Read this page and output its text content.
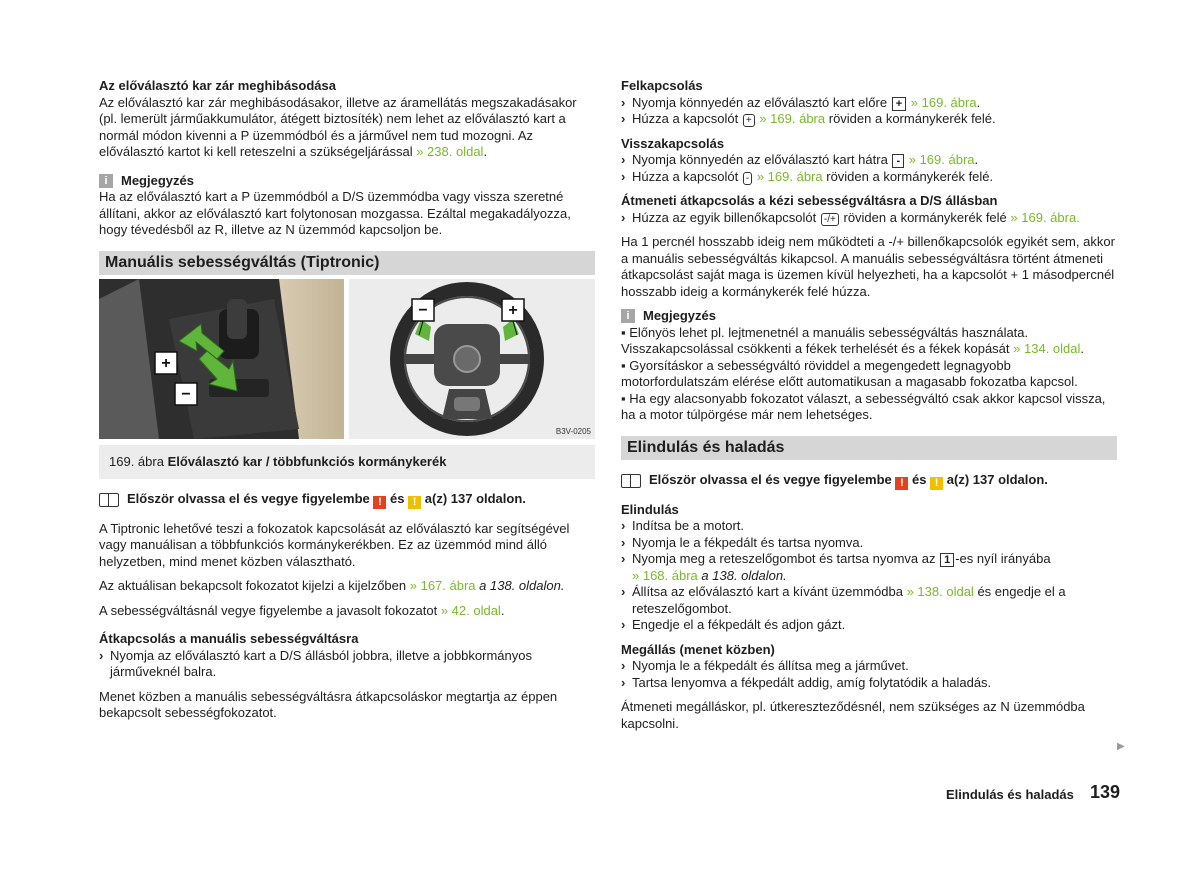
Az előválasztó kar zár meghibásodása

Az előválasztó kar zár meghibásodásakor, illetve az áramellátás megszakadásakor (pl. lemerült járműakkumulátor, átégett biztosíték) nem lehet az előválasztó kart a normál módon kivenni a P üzemmódból és a járművel nem tud mozogni. Az előválasztó kartot ki kell reteszelni a szükségeljárással » 238. oldal.

i	Megjegyzés

Ha az előválasztó kart a P üzemmódból a D/S üzemmódba vagy vissza szeretné állítani, akkor az előválasztó kart folytonosan mozgassa. Ezáltal megakadályozza, hogy tévedésből az R, illetve az N üzemmód kapcsoljon be.

Manuális sebességváltás (Tiptronic)
+
−
−	+
B3V-0205
169. ábra Előválasztó kar / többfunkciós kormánykerék
Először olvassa el és vegye figyelembe ! és ! a(z) 137 oldalon.

A Tiptronic lehetővé teszi a fokozatok kapcsolását az előválasztó kar segítségével vagy manuálisan a többfunkciós kormánykerékben. Ez az üzemmód mind álló helyzetben, mind menet közben választható.

Az aktuálisan bekapcsolt fokozatot kijelzi a kijelzőben » 167. ábra a 138. oldalon.

A sebességváltásnál vegye figyelembe a javasolt fokozatot » 42. oldal.

Átkapcsolás a manuális sebességváltásra

› Nyomja az előválasztó kart a D/S állásból jobbra, illetve a jobbkormányos járműveknél balra.

Menet közben a manuális sebességváltásra átkapcsoláskor megtartja az éppen bekapcsolt sebességfokozatot.

Felkapcsolás

› Nyomja könnyedén az előválasztó kart előre + » 169. ábra.
› Húzza a kapcsolót + » 169. ábra röviden a kormánykerék felé.

Visszakapcsolás

› Nyomja könnyedén az előválasztó kart hátra - » 169. ábra.
› Húzza a kapcsolót - » 169. ábra röviden a kormánykerék felé.

Átmeneti átkapcsolás a kézi sebességváltásra a D/S állásban

› Húzza az egyik billenőkapcsolót -/+ röviden a kormánykerék felé » 169. ábra.

Ha 1 percnél hosszabb ideig nem működteti a -/+ billenőkapcsolók egyikét sem, akkor a manuális sebességváltás kikapcsol. A manuális sebességváltásra történt átmeneti átkapcsolást saját maga is üzemen kívül helyezheti, ha a kapcsolót + 1 másodpercnél hosszabb ideig a kormánykerék felé húzza.

i	Megjegyzés

▪ Előnyös lehet pl. lejtmenetnél a manuális sebességváltás használata. Visszakapcsolással csökkenti a fékek terhelését és a fékek kopását » 134. oldal.

▪ Gyorsításkor a sebességváltó röviddel a megengedett legnagyobb motorfordulatszám elérése előtt automatikusan a magasabb fokozatba kapcsol.

▪ Ha egy alacsonyabb fokozatot választ, a sebességváltó csak akkor kapcsol vissza, ha a motor túlpörgése már nem lehetséges.

Elindulás és haladás
Először olvassa el és vegye figyelembe ! és ! a(z) 137 oldalon.

Elindulás

› Indítsa be a motort.
› Nyomja le a fékpedált és tartsa nyomva.
› Nyomja meg a reteszelőgombot és tartsa nyomva az 1 -es nyíl irányába
» 168. ábra a 138. oldalon.
› Állítsa az előválasztó kart a kívánt üzemmódba » 138. oldal és engedje el a reteszelőgombot.
› Engedje el a fékpedált és adjon gázt.

Megállás (menet közben)

› Nyomja le a fékpedált és állítsa meg a járművet.
› Tartsa lenyomva a fékpedált addig, amíg folytatódik a haladás.

Átmeneti megálláskor, pl. útkereszteződésnél, nem szükséges az N üzemmódba kapcsolni.

▶
Elindulás és haladás 139
